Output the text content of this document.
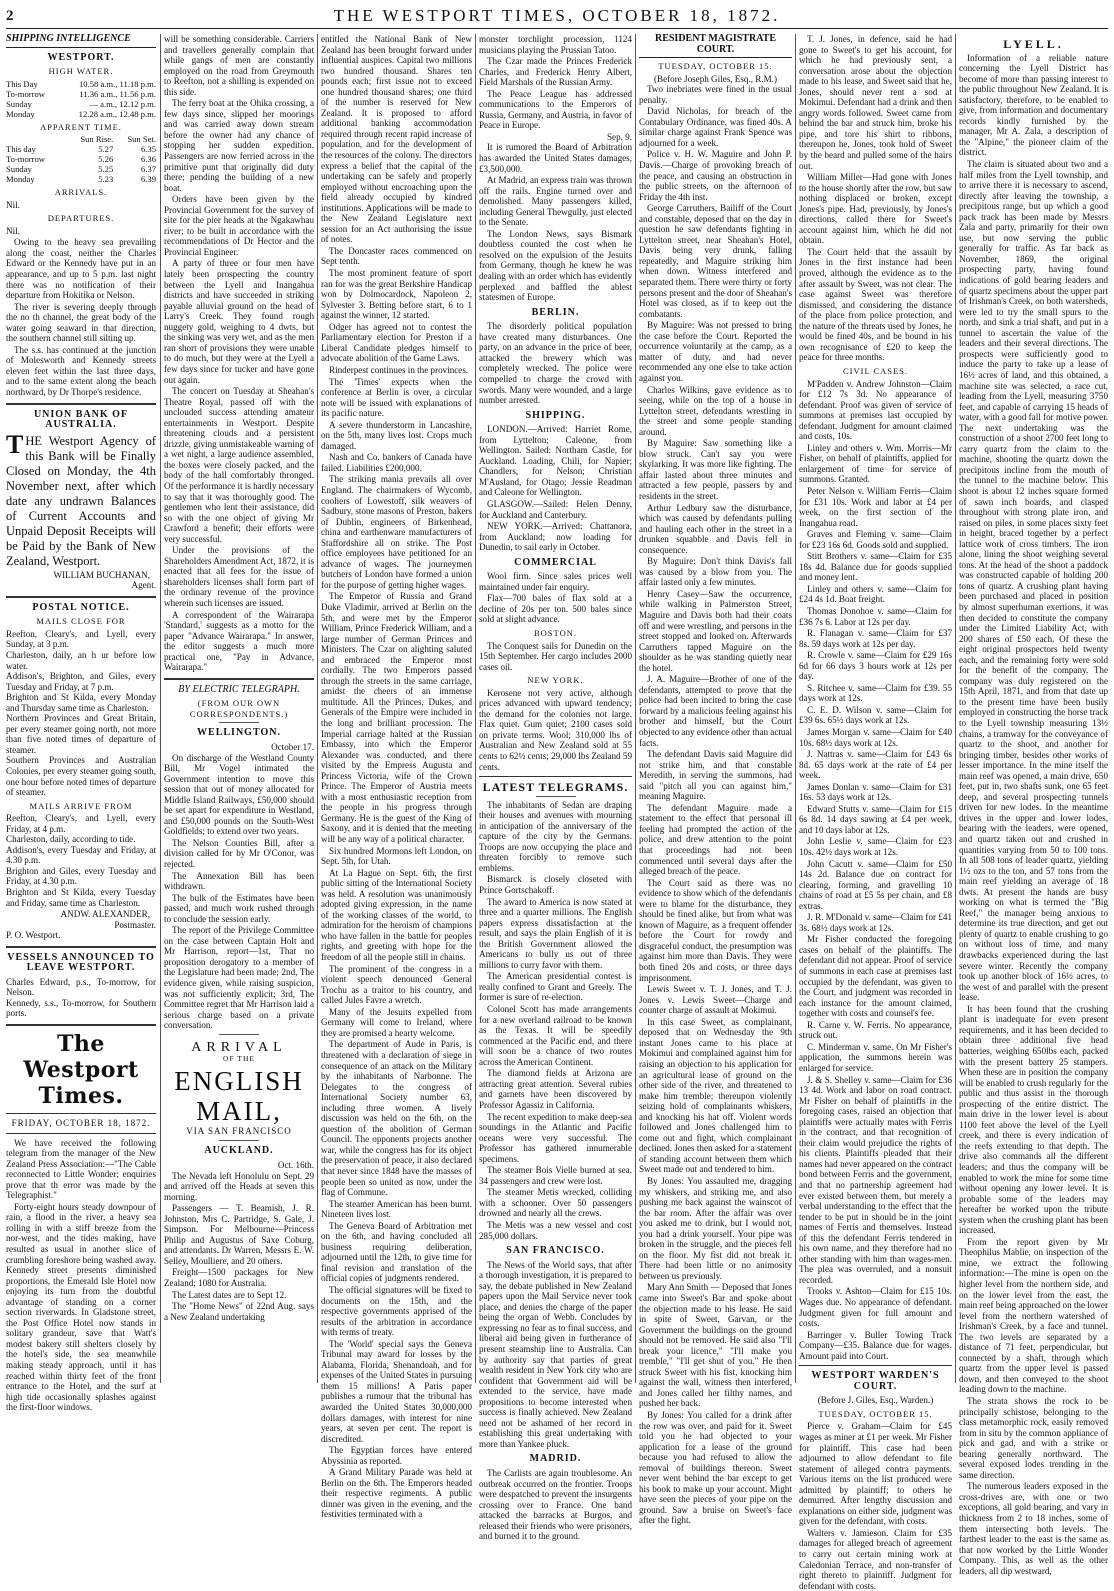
2	THE WESTPORT TIMES, OCTOBER 18, 1872.
SHIPPING INTELLIGENCE
WESTPORT.
HIGH WATER.
This Day	10.58 a.m., 11.18 p.m.
To-morrow	11.36 a.m., 11.56 p.m.
Sunday	— a.m., 12.12 p.m.
Monday	12.28 a.m., 12.48 p.m.
APPARENT TIME.
	Sun Rise.	Sun Set.
This day	5.27	6.35
To-morrow	5.26	6.36
Sunday	5.25	6.37
Monday	5.23	6.39
ARRIVALS.

Nil.

DEPARTURES.

Nil.

Owing to the heavy sea prevailing along the coast, neither the Charles Edward or the Kennedy have put in an appearance, and up to 5 p.m. last night there was no notification of their departure from Hokitika or Nelson.

The river is severing deeply through the no th channel, the great body of the water going seaward in that direction, the southern channel still silting up.

The s.s. has continued at the junction of Molesworth and Kennedy streets eleven feet within the last three days, and to the same extent along the beach northward, by Dr Thorpe's residence.

UNION BANK OF AUSTRALIA.

THE Westport Agency of this Bank will be Finally Closed on Monday, the 4th November next, after which date any undrawn Balances of Current Accounts and Unpaid Deposit Receipts will be Paid by the Bank of New Zealand, Westport.

WILLIAM BUCHANAN,
Agent.
POSTAL NOTICE.
MAILS CLOSE FOR

Reefton, Cleary's, and Lyell, every Sunday, at 3 p.m.
Charleston, daily, an h ur before low water.
Addison's, Brighton, and Giles, every Tuesday and Friday, at 7 p.m.
Brighton and St Kilda, every Monday and Thursday same time as Charleston.
Northern Provinces and Great Britain, per every steamer going north, not more than five noted times of departure of steamer.
Southern Provinces and Australian Colonies, per every steamer going south, one hour before noted times of departure of steamer.

MAILS ARRIVE FROM

Reefton, Cleary's, and Lyell, every Friday, at 4 p.m.
Charleston, daily, according to tide.
Addison's, every Tuesday and Friday, at 4.30 p.m.
Brighton and Giles, every Tuesday and Friday, at 4.30 p.m.
Brighton and St Kilda, every Tuesday and Friday, same time as Charleston.

ANDW. ALEXANDER,
Postmaster.

P. O. Westport.

VESSELS ANNOUNCED TO LEAVE WESTPORT.

Charles Edward, p.s., To-morrow, for Nelson.
Kennedy, s.s., To-morrow, for Southern ports.

The Westport Times.
FRIDAY, OCTOBER 18, 1872.

We have received the following telegram from the manager of the New Zealand Press Association:—"The Cable reconnected to Little Wonder; enquiries prove that th error was made by the Telegraphist."

Forty-eight hours steady downpour of rain, a flood in the river, a heavy sea rolling in with a stiff breeze from the nor-west, and the tides making, have resulted as usual in another slice of crumbling foreshore being washed away. Kennedy street presents diminished proportions, the Emerald Isle Hotel now enjoying its turn from the doubtful advantage of standing on a corner section riverwards. In Gladstone street, the Post Office Hotel now stands in solitary grandeur, save that Watt's modest bakery still shelters closely by the hotel's side, the sea meanwhile making steady approach, until it has reached within thirty feet of the front entrance to the Hotel, and the surf at high tide occasionally splashes against the first-floor windows.

will be something considerable. Carriers and travellers generally complain that while gangs of men are constantly employed on the road from Greymouth to Reefton, not a shilling is expended on this side.

The ferry boat at the Ohika crossing, a few days since, slipped her moorings and was carried away down stream before the owner had any chance of stopping her sudden expedition. Passengers are now ferried across in the primitive punt that originally did duty there; pending the building of a new boat.

Orders have been given by the Provincial Government for the survey of site for the pier heads at the Ngakawhau river; to be built in accordance with the recommendations of Dr Hector and the Provincial Engineer.

A party of three or four men have lately been prospecting the country between the Lyell and Inangahua districts and have succeeded in striking payable alluvial ground on the head of Larry's Creek. They found rough nuggety gold, weighing to 4 dwts, but the sinking was very wet, and as the men ran short of provisions they were unable to do much, but they were at the Lyell a few days since for tucker and have gone out again.

The concert on Tuesday at Sheahan's Theatre Royal, passed off with the unclouded success attending amateur entertainments in Westport. Despite threatening clouds and a persistent drizzle, giving unmistakeable warning of a wet night, a large audience assembled, the boxes were closely packed, and the body of the hall comfortably thronged. Of the performance it is hardly necessary to say that it was thoroughly good. The gentlemen who lent their assistance, did so with the one object of giving Mr Crawford a benefit; their efforts were very successful.

Under the provisions of the Shareholders Amendment Act, 1872, it is enacted that all fees for the issue of shareholders licenses shall form part of the ordinary revenue of the province wherein such licenses are issued.

A correspondent of the Wairarapa 'Standard,' suggests as a motto for the paper "Advance Wairarapa." In answer, the editor suggests a much more practical one, "Pay in Advance, Wairarapa."

BY ELECTRIC TELEGRAPH.
(FROM OUR OWN CORRESPONDENTS.)
WELLINGTON.
October 17.

On discharge of the Westland County Bill, Mr Vogel intimated the Government intention to move this session that out of money allocated for Middle Island Railways, £50,000 should be set apart for expenditure in Westland, and £50,000 pounds on the South-West Goldfields; to extend over two years.

The Nelson Counties Bill, after a division called for by Mr O'Conor, was rejected.

The Annexation Bill has been withdrawn.

The bulk of the Estimates have been passed, and much work rushed through to conclude the session early.

The report of the Privilege Committee on the case between Captain Holt and Mr Harrison, report—1st, That no proposition derogatory to a member of the Legislature had been made; 2nd, The evidence given, while raising suspicion, was not sufficiently explicit; 3rd, The Committee regret that Mr Harrison laid a serious charge based on a private conversation.

ARRIVAL
OF THE
ENGLISH MAIL,
VIA SAN FRANCISCO
AUCKLAND.
Oct. 16th.

The Nevada left Honolulu on Sept. 29 and arrived off the Heads at seven this morning.

Passengers — T. Beamish, J. R. Johnston, Mrs C. Partridge, S. Gale, J. Simpson. For Melbourne—Princess Philip and Augustus of Saxe Coburg, and attendants. Dr Warren, Messrs E. W. Selley, Moulliere, and 20 others.

Freight—1500 packages for New Zealand; 1080 for Australia.

The Latest dates are to Sept 12.

The "Home News" of 22nd Aug. says a New Zealand undertaking

entitled the National Bank of New Zealand has been brought forward under influential auspices. Capital two millions two hundred thousand. Shares ten pounds each; first issue not to exceed one hundred thousand shares; one third of the number is reserved for New Zealand. It is proposed to afford additional banking accommodation required through recent rapid increase of population, and for the development of the resources of the colony. The directors express a belief that the capital of the undertaking can be safely and properly employed without encroaching upon the field already occupied by kindred institutions. Applications will be made to the New Zealand Legislature next session for an Act authorising the issue of notes.

The Doncaster races commenced on Sept tenth.

The most prominent feature of sport ran for was the great Berkshire Handicap won by Dolmocardock, Napoleon 2, Sylvester 3. Betting before start, 6 to 1 against the winner, 12 started.

Odger has agreed not to contest the Parliamentary election for Preston if a Liberal Candidate pledges himself to advocate abolition of the Game Laws.

Rinderpest continues in the provinces.

The 'Times' expects when the conference at Berlin is over, a circular note will be issued with explanations of its pacific nature.

A severe thunderstorm in Lancashire, on the 5th, many lives lost. Crops much damaged.

Nash and Co. bankers of Canada have failed. Liabilities £200,000.

The striking mania prevails all over England. The chairmakers of Wycomb, cooliers of Lowestoff, silk weavers of Sadbury, stone masons of Preston, bakers of Dublin, engineers of Birkenhead, china and earthenware manufacturers of Staffordshire all on strike. The Post office employees have petitioned for an advance of wages. The journeymen butchers of London have formed a union for the purpose of getting higher wages.

The Emperor of Russia and Grand Duke Vladimir, arrived at Berlin on the 5th, and were met by the Emperor William, Prince Frederick William, and a large number of German Princes and Ministers. The Czar on alighting saluted and embraced the Emperor most cordially. The two Emperors passed through the streets in the same carriage, amidst the cheers of an immense multitude. All the Princes, Dukes, and Generals of the Empire were included in the long and brilliant procession. The Imperial carriage halted at the Russian Embassy, into which the Emperor Alexander was conducted, and there visited by the Empress Augusta and Princess Victoria, wife of the Crown Prince. The Emperor of Austria meets with a most enthusiastic reception from the people in his progress through Germany. He is the guest of the King of Saxony, and it is denied that the meeting will be any way of a political character.

Six hundred Mormons left London, on Sept. 5th, for Utah.

At La Hague on Sept. 6th, the first public sitting of the International Society was held. A resolution was unanimously adopted giving expression, in the name of the working classes of the world, to admiration for the heroism of champions who have fallen in the battle for peoples rights, and greeting with hope for the freedom of all the people still in chains.

The prominent of the congress in a violent speech denounced General Trochu as a traitor to his country, and called Jules Favre a wretch.

Many of the Jesuits expelled from Germany will come to Ireland, where they are promised a hearty welcome.

The department of Aude in Paris, is threatened with a declaration of siege in consequence of an attack on the Military by the inhabitants of Narbonne. The Delegates to the congress of International Society number 63, including three women. A lively discussion was held on the 6th, on the question of the abolition of German Council. The opponents projects another war, while the congress has for its object the preservation of peace, it also declared that never since 1848 have the masses of people been so united as now, under the flag of Commune.

The steamer American has been burnt. Nineteen lives lost.

The Geneva Board of Arbitration met on the 6th, and having concluded all business requiring deliberation, adjourned until the 12th, to give time for final revision and translation of the official copies of judgments rendered.

The official signatures will be fixed to documents on the 15th, and the respective governments apprised of the results of the arbitration in accordance with terms of treaty.

The 'World' special says the Geneva Tribunal may award for losses by the Alabama, Florida, Shenandoah, and for expenses of the United States in pursuing them 15 millions! A Paris paper publishes a rumour that the tribunal has awarded the United States 30,000,000 dollars damages, with interest for nine years, at seven per cent. The report is discredited.

The Egyptian forces have entered Abyssinia as reported.

A Grand Military Parade was held at Berlin on the 6th. The Emperors headed their respective regiments. A public dinner was given in the evening, and the festivities terminated with a

monster torchlight procession, 1124 musicians playing the Prussian Tatoo.

The Czar made the Princes Frederick Charles, and Frederick Henry Albert, Field Marshals of the Russian Army.

The Peace League has addressed communications to the Emperors of Russia, Germany, and Austria, in favor of Peace in Europe.

Sep. 9.

It is rumored the Board of Arbitration has awarded the United States damages, £3,500,000.

At Madrid, an express train was thrown off the rails. Engine turned over and demolished. Many passengers killed, including General Thewgully, just elected to the Senate.

The London News, says Bismark doubtless counted the cost when he resolved on the expulsion of the Jesuits from Germany, though he knew he was dealing with an order which has evidently perplexed and baffled the ablest statesmen of Europe.

BERLIN.

The disorderly political population have created many disturbances. One party, on an advance in the price of beer, attacked the brewery which was completely wrecked. The police were compelled to charge the crowd with swords. Many were wounded, and a large number arrested.

SHIPPING.

LONDON.—Arrived: Harriet Rome, from Lyttelton; Caleone, from Wellington. Sailed: Northam Castle, for Auckland. Loading, Chili, for Napier; Chandlers, for Nelson; Christian M'Ausland, for Otago; Jessie Readman and Caleone for Wellington.

GLASGOW.—Sailed: Helen Denny, for Auckland and Canterbury.

NEW YORK.—Arrived: Chattanora, from Auckland; now loading for Dunedin, to sail early in October.

COMMERCIAL

Wool firm. Since sales prices well maintained under fair enquiry.

Flax—700 bales of flax sold at a decline of 20s per ton. 500 bales since sold at slight advance.

BOSTON.

The Conquest sails for Dunedin on the 15th September. Her cargo includes 2000 cases oil.

NEW YORK.

Kerosene not very active, although prices advanced with upward tendency; the demand for the colonies not large. Flax quiet. Gum quiet; 2100 cases sold on private terms. Wool; 310,000 lbs of Australian and New Zealand sold at 55 cents to 62½ cents; 29,000 lbs Zealand 59 cents.

LATEST TELEGRAMS.

The inhabitants of Sedan are draping their houses and avenues with mourning in anticipation of the anniversary of the capture of the city by the Germans. Troops are now occupying the place and threaten forcibly to remove such emblems.

Bismarck is closely closeted with Prince Gortschakoff.

The award to America is now stated at three and a quarter millions. The English papers express dissatisfaction at the result, and says the plain English of it is the British Government allowed the Americans to bully us out of three millions to curry favor with them.

The American presidential contest is really confined to Grant and Greely. The former is sure of re-election.

Colonel Scott has made arrangements for a new overland railroad to be known as the Texas. It will be speedily commenced at the Pacific end, and there will soon be a chance of two routes across the American Continent.

The diamond fields at Arizona are attracting great attention. Several rubies and garnets have been discovered by Professor Agassiz in California.

The recent expedition to make deep-sea soundings in the Atlantic and Pacific oceans were very successful. The Professor has gathered innumerable specimens.

The steamer Bois Vielle burned at sea. 34 passengers and crew were lost.

The steamer Metis wrecked, colliding with a schooner. Over 50 passengers drowned and nearly all the crews.

The Metis was a new vessel and cost 285,000 dollars.

SAN FRANCISCO.

The News of the World says, that after a thorough investigation, it is prepared to say, the debate published in New Zealand papers upon the Mail Service never took place, and denies the charge of the paper being the organ of Webb. Concludes by expressing no fear as to final success, and liberal aid being given in furtherance of present steamship line to Australia. Can by authority say that parties of great wealth resident in New York city who are confident that Government aid will be extended to the service, have made propositions to become interested when success is finally achieved. New Zealand need not be ashamed of her record in establishing this great undertaking with more than Yankee pluck.

MADRID.

The Carlists are again troublesome. An outbreak occurred on the frontier. Troops were despatched to prevent the insurgents crossing over to France. One band attacked the barracks at Burgos, and released their friends who were prisoners, and burned it to the ground.

RESIDENT MAGISTRATE COURT.
TUESDAY, OCTOBER 15.
(Before Joseph Giles, Esq., R.M.)

Two inebriates were fined in the usual penalty.

David Nicholas, for breach of the Contabulary Ordinance, was fined 40s. A similar charge against Frank Spence was adjourned for a week.

Police v. H. W. Maguire and John P. Davis.—Charge of provoking breach of the peace, and causing an obstruction in the public streets, on the afternoon of Friday the 4th inst.

George Carruthers, Bailiff of the Court and constable, deposed that on the day in question he saw defendants fighting in Lyttelton street, near Sheahan's Hotel, Davis being very drunk, falling repeatedly, and Maguire striking him when down. Witness interfered and separated them. There were thirty or forty persons present and the door of Sheahan's Hotel was closed, as if to keep out the combatants.

By Maguire: Was not pressed to bring the case before the Court. Reported the occurrence voluntarily at the camp, as a matter of duty, and had never recommended any one else to take action against you.

Charles Wilkins, gave evidence as to seeing, while on the top of a house in Lyttelton street, defendants wrestling in the street and some people standing around.

By Maguire: Saw something like a blow struck. Can't say you were skylarking. It was more like fighting. The affair lasted about three minutes and attracted a few people, passers by and residents in the street.

Arthur Ledbury saw the disturbance, which was caused by defendants pulling and hauling each other in the street in a drunken squabble and Davis fell in consequence.

By Maguire: Don't think Davis's fall was caused by a blow from you. The affair lasted only a few minutes.

Henry Casey—Saw the occurrence, while walking in Palmerston Street, Maguire and Davis both had their coats off and were wrestling, and persons in the street stopped and looked on. Afterwards Carruthers tapped Maguire on the shoulder as he was standing quietly near the hotel.

J. A. Maguire—Brother of one of the defendants, attempted to prove that the police had been incited to bring the case forward by a malicious feeling against his brother and himself, but the Court objected to any evidence other than actual facts.

The defendant Davis said Maguire did not strike him, and that constable Meredith, in serving the summons, had said "pitch all you can against him," meaning Maguire.

The defendant Maguire made a statement to the effect that personal ill feeling had prompted the action of the police, and drew attention to the point that proceedings had not been commenced until several days after the alleged breach of the peace.

The Court said as there was no evidence to show which of the defendants were to blame for the disturbance, they should be fined alike, but from what was known of Maguire, as a frequent offender before the Court for rowdy and disgraceful conduct, the presumption was against him more than Davis. They were both fined 20s and costs, or three days imprisonment.

Lewis Sweet v. T. J. Jones, and T. J. Jones v. Lewis Sweet—Charge and counter charge of assault at Mokimui.

In this case Sweet, as complainant, deposed that on Wednesday the 9th instant Jones came to his place at Mokimui and complained against him for raising an objection to his application for an agricultural lease of ground on the other side of the river, and threatened to make him tremble; thereupon violently seizing hold of complainants whiskers, and knocking his hat off. Violent words followed and Jones challenged him to come out and fight, which complainant declined. Jones then asked for a statement of standing account between them which Sweet made out and tendered to him.

By Jones: You assaulted me, dragging my whiskers, and striking me, and also pushing me back against the wainscot of the bar room. After the affair was over you asked me to drink, but I would not, you had a drink yourself. Your pipe was broken in the struggle, and the pieces fell on the floor. My fist did not break it. There had been little or no animosity between us previously.

Mary Ann Smith — Deposed that Jones came into Sweet's Bar and spoke about the objection made to his lease. He said in spite of Sweet, Garvan, or the Government the buildings on the ground should not be removed. He said also "I'll break your licence," "I'll make you tremble," "I'll get shut of you." He then struck Sweet with his fist, knocking him against the wall, witness then interfered, and Jones called her filthy names, and pushed her back.

By Jones: You called for a drink after the row was over, and paid for it. Sweet told you he had objected to your application for a lease of the ground because you had refused to allow the removal of buildings thereon. Sweet never went behind the bar except to get his book to make up your account. Might have seen the pieces of your pipe on the ground. Saw a bruise on Sweet's face after the fight.

T. J. Jones, in defence, said he had gone to Sweet's to get his account, for which he had previously sent, a conversation arose about the objection made to his lease, and Sweet said that he, Jones, should never rent a sod at Mokimui. Defendant had a drink and then angry words followed. Sweet came from behind the bar and struck him, broke his pipe, and tore his shirt to ribbons, thereupon he, Jones, took hold of Sweet by the beard and pulled some of the hairs out.

William Miller—Had gone with Jones to the house shortly after the row, but saw nothing displaced or broken, except Jones's pipe. Had, previously, by Jones's directions, called there for Sweet's account against him, which he did not obtain.

The Court held that the assault by Jones in the first instance had been proved, although the evidence as to the after assault by Sweet, was not clear. The case against Sweet was therefore dismissed, and considering the distance of the place from police protection, and the nature of the threats used by Jones, he would be fined 40s, and be bound in his own recognisance of £20 to keep the peace for three months.

CIVIL CASES.

M'Padden v. Andrew Johnston—Claim for £12 7s 3d. No appearance of defendant. Proof was given of service of summons at premises last occupied by defendant. Judgment for amount claimed and costs, 10s.

Linley and others v. Wm. Morris—Mr Fisher, on behalf of plaintiffs, applied for enlargement of time for service of summons. Granted.

Peter Nelson v. William Ferris—Claim for £31 10s. Work and labor at £4 per week, on the first section of the Inangahua road.

Graves and Fleming v. same—Claim for £23 16s 6d. Goods sold and supplied.

Stitt Brothers v. same—Claim for £35 18s 4d. Balance due for goods supplied and money lent.

Linley and others v. same—Claim for £24 4s 1d. Boat freight.

Thomas Donohoe v. same—Claim for £36 7s 6. Labor at 12s per day.

R. Flanagan v. same—Claim for £37 8s. 59 days work at 12s per day.

R. Crowle v. same—Claim for £29 16s 6d for 66 days 3 hours work at 12s per day.

S. Ritchee v. same—Claim for £39. 55 days work at 12s.

C. E. D. Wilson v. same—Claim for £39 6s. 65½ days work at 12s.

James Morgan v. same—Claim for £40 10s. 68½ days work at 12s.

J. Nattras v. same—Claim for £43 6s 8d. 65 days work at the rate of £4 per week.

James Donlan v. same—Claim for £31 16s. 53 days work at 12s.

Edward Stutts v. same—Claim for £15 6s 8d. 14 days sawing at £4 per week, and 10 days labor at 12s.

John Leslie v. same—Claim for £23 10s. 42½ days work at 12s.

John Cacutt v. same—Claim for £50 14s 2d. Balance due on contract for clearing, forming, and gravelling 10 chains of road at £5 5s per chain, and £8 extras.

J. R. M'Donald v. same—Claim for £41 3s. 68½ days work at 12s.

Mr Fisher conducted the foregoing cases on behalf of the plaintiffs. The defendant did not appear. Proof of service of summons in each case at premises last occupied by the defendant, was given to the Court, and judgment was recorded in each instance for the amount claimed, together with costs and counsel's fee.

R. Carne v. W. Ferris. No appearance, struck out.

C. Minderman v. same. On Mr Fisher's application, the summons herein was enlarged for service.

J. & S. Shelley v. same—Claim for £36 13 4d. Work and labor on road contract. Mr Fisher on behalf of plaintiffs in the foregoing cases, raised an objection that plaintiffs were actually mates with Ferris in the contract, and that recognition of their claim would prejudice the rights of his clients. Plaintiffs pleaded that their names had never appeared on the contract bond between Ferris and the government, and that no partnership agreement had ever existed between them, but merely a verbal understanding to the effect that the tender to be put in should be in the joint names of Ferris and themselves. Instead of this the defendant Ferris tendered in his own name, and they therefore had no other standing with him than wages-men. The plea was overruled, and a nonsuit recorded.

Trooks v. Ashton—Claim for £15 10s. Wages due. No appearance of defendant. Judgment given for full amount and costs.

Barringer v. Buller Towing Track Company—£35. Balance due for wages. Amount paid into Court.

WESTPORT WARDEN'S COURT.
(Before J. Giles, Esq., Warden.)
TUESDAY, OCTOBER 15.

Pierce v. Graham—Claim for £45 wages as miner at £1 per week. Mr Fisher for plaintiff. This case had been adjourned to allow defendant to file statement of alleged contra payments. Various items on the list produced were admitted by plaintiff; to others he demurred. After lengthy discussion and explanations on either side, judgment was given for the defendant, with costs.

Walters v. Jamieson. Claim for £35 damages for alleged breach of agreement to carry out certain mining work at Caledonian Terrace, and non-transfer of right thereto to plaintiff. Judgment for defendant with costs.

LYELL.

Information of a reliable nature concerning the Lyell District has become of more than passing interest to the public throughout New Zealand. It is satisfactory, therefore, to be enabled to give, from information and documentary records kindly furnished by the manager, Mr A. Zala, a description of the "Alpine," the pioneer claim of the district.

The claim is situated about two and a half miles from the Lyell township, and to arrive there it is necessary to ascend, directly after leaving the township, a precipitous range, but up which a good pack track has been made by Messrs Zala and party, primarily for their own use, but now serving the public generally for traffic. As far back as November, 1869, the original prospecting party, having found indications of gold bearing leaders and of quartz specimens about the upper part of Irishman's Creek, on both watersheds, were led to try the small spurs to the north, and sink a trial shaft, and put in a tunnel to ascertain the value of the leaders and their several directions. The prospects were sufficiently good to induce the party to take up a lease of 16½ acres of land, and this obtained, a machine site was selected, a race cut, leading from the Lyell, measuring 3750 feet, and capable of carrying 15 heads of water, with a good fall for motive power. The next undertaking was the construction of a shoot 2700 feet long to carry quartz from the claim to the machine, shooting the quartz down the precipitous incline from the mouth of the tunnel to the machine below. This shoot is about 12 inches square formed of sawn inch boards, and clasped throughout with strong plate iron, and raised on piles, in some places sixty feet in height, braced together by a perfect lattice work of cross timbers. The iron alone, lining the shoot weighing several tons. At the head of the shoot a paddock was constructed capable of holding 200 tons of quartz. A crushing plant having been purchased and placed in position by almost superhuman exertions, it was then decided to constitute the company under the Limited Liability Act, with 200 shares of £50 each. Of these the eight original prospectors held twenty each, and the remaining forty were sold for the benefit of the company. The company was duly registered on the 15th April, 1871, and from that date up to the present time have been busily employed in constructing the horse track to the Lyell township measuring 13½ chains, a tramway for the conveyance of quartz to the shoot, and another for bringing timber, besides other works of lesser importance. In the mine itself the main reef was opened, a main drive, 650 feet, put in, two shafts sunk, one 65 feet deep, and several prospecting tunnels driven for new lodes. In the meantime drives in the upper and lower lodes, bearing with the leaders, were opened, and quartz taken out and crushed in quantities varying from 50 to 100 tons. In all 508 tons of leader quartz, yielding 1½ ozs to the ton, and 57 tons from the main reef yielding an average of 18 dwts. At present the hands are busy working on what is termed the "Big Reef," the manager being anxious to determine its true direction, and get out plenty of quartz to enable crushing to go on without loss of time, and many drawbacks experienced during the last severe winter. Recently the company took up another block of 16½ acres, to the west of and parallel with the present lease.

It has been found that the crushing plant is inadequate for even present requirements, and it has been decided to obtain three additional five head batteries, weighing 650lbs each, packed with the present battery 25 stampers. When these are in position the company will be enabled to crush regularly for the public and thus assist in the thorough prospecting of the entire district. The main drive in the lower level is about 1100 feet above the level of the Lyell creek, and there is every indication of the reefs extending to that depth. The drive also commands all the different leaders; and thus the company will be enabled to work the mine for some time without opening any lower level. It is probable some of the leaders may hereafter be worked upon the tribute system when the crushing plant has been increased.

From the report given by Mr Theophilus Mablie, on inspection of the mine, we extract the following information:—The mine is open on the higher level from the northern side, and on the lower level from the east, the main reef being approached on the lower level from the northern watershed of Irishman's Creek, by a face and tunnel. The two levels are separated by a distance of 71 feet, perpendicular, but connected by a shaft, through which quartz from the upper level is passed down, and then conveyed to the shoot leading down to the machine.

The strata shows the rock to be principally schistose, belonging to the class metamorphic rock, easily removed from in situ by the common appliance of pick and gad, and with a strike or bearing generally northward. The several exposed lodes trending in the same direction.

The numerous leaders exposed in the cross-drives are, with one or two exceptions, all gold bearing, and vary in thickness from 2 to 18 inches, some of them intersecting both levels. The farthest leader to the east is the same as that now worked by the Little Wonder Company. This, as well as the other leaders, all dip westward,
